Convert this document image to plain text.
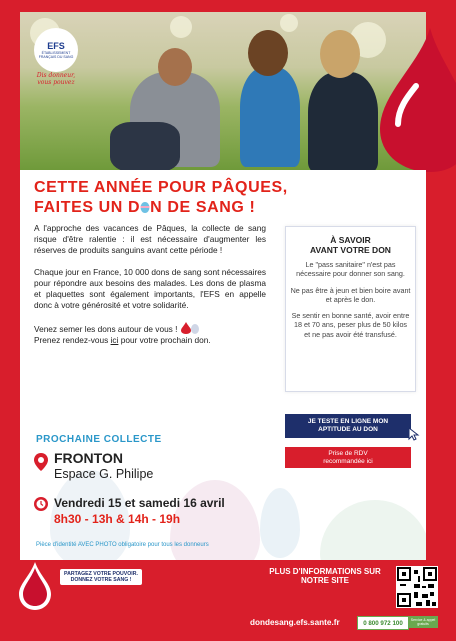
EFS
ÉTABLISSEMENT FRANÇAIS DU SANG
Dis donneur, vous pouvez
CETTE ANNÉE POUR PÂQUES,
FAITES UN D N DE SANG !

A l'approche des vacances de Pâques, la collecte de sang risque d'être ralentie : il est nécessaire d'augmenter les réserves de produits sanguins avant cette période !

Chaque jour en France, 10 000 dons de sang sont nécessaires pour répondre aux besoins des malades. Les dons de plasma et plaquettes sont également importants, l'EFS en appelle donc à votre générosité et votre solidarité.

Venez semer les dons autour de vous !
Prenez rendez-vous ici pour votre prochain don.

À SAVOIR
AVANT VOTRE DON

Le "pass sanitaire" n'est pas nécessaire pour donner son sang.

Ne pas être à jeun et bien boire avant et après le don.

Se sentir en bonne santé, avoir entre 18 et 70 ans, peser plus de 50 kilos et ne pas avoir été transfusé.

JE TESTE EN LIGNE MON APTITUDE AU DON
Prise de RDV recommandée ici
PROCHAINE COLLECTE
FRONTON
Espace G. Philipe
Vendredi 15 et samedi 16 avril
8h30 - 13h & 14h - 19h
Pièce d'identité AVEC PHOTO obligatoire pour tous les donneurs
PARTAGEZ VOTRE POUVOIR. DONNEZ VOTRE SANG !
PLUS D'INFORMATIONS SUR NOTRE SITE
dondesang.efs.sante.fr	0 800 972 100	Service & appel gratuits
